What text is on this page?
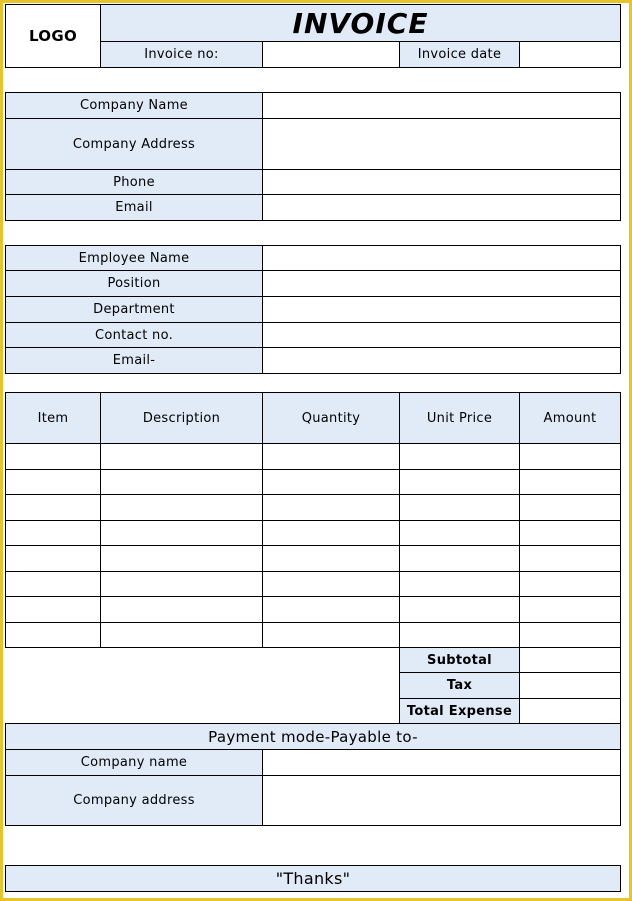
LOGO	INVOICE
Invoice no:	Invoice date
Company Name
Company Address
Phone
Email
Employee Name
Position
Department
Contact no.
Email-
Item	Description	Quantity	Unit Price	Amount
Subtotal
Tax
Total Expense
Payment mode-Payable to-
Company name
Company address
"Thanks"
